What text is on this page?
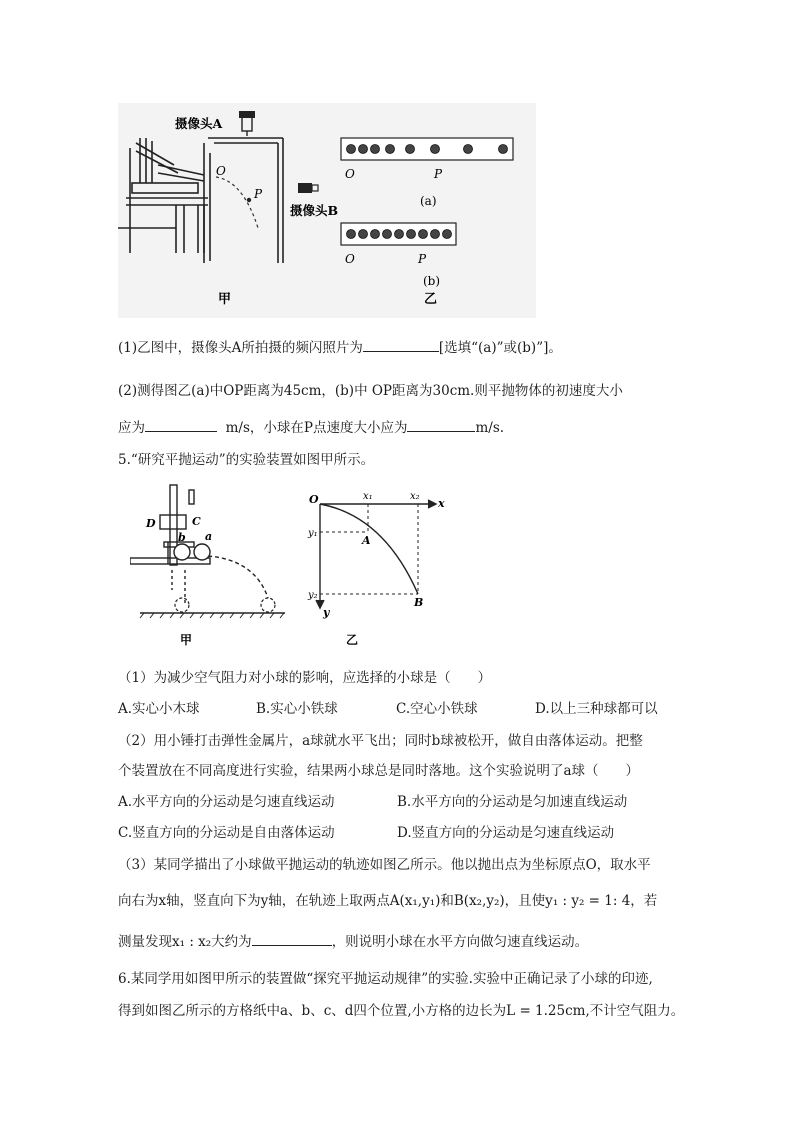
O
P
摄像头A
摄像头B
O	P
(a)
O	P
(b)
甲	乙
(1)乙图中，摄像头A所拍摄的频闪照片为	[选填“(a)”或(b)”]。
(2)测得图乙(a)中OP距离为45cm，(b)中 OP距离为30cm.则平抛物体的初速度大小
应为	m/s，小球在P点速度大小应为	m/s.
5.“研究平抛运动”的实验装置如图甲所示。
D	C
b a
甲
O	x
y
x₁	x₂
y₁
y₂
A
B
乙
（1）为减少空气阻力对小球的影响，应选择的小球是（　　）
A.实心小木球	B.实心小铁球	C.空心小铁球	D.以上三种球都可以
（2）用小锤打击弹性金属片，a球就水平飞出；同时b球被松开，做自由落体运动。把整
个装置放在不同高度进行实验，结果两小球总是同时落地。这个实验说明了a球（　　）
A.水平方向的分运动是匀速直线运动	B.水平方向的分运动是匀加速直线运动
C.竖直方向的分运动是自由落体运动	D.竖直方向的分运动是匀速直线运动
（3）某同学描出了小球做平抛运动的轨迹如图乙所示。他以抛出点为坐标原点O，取水平
向右为x轴，竖直向下为y轴，在轨迹上取两点A(x₁,y₁)和B(x₂,y₂)，且使y₁ : y₂ = 1: 4，若
测量发现x₁ : x₂大约为	，则说明小球在水平方向做匀速直线运动。
6.某同学用如图甲所示的装置做“探究平抛运动规律”的实验.实验中正确记录了小球的印迹,
得到如图乙所示的方格纸中a、b、c、d四个位置,小方格的边长为L = 1.25cm,不计空气阻力。
